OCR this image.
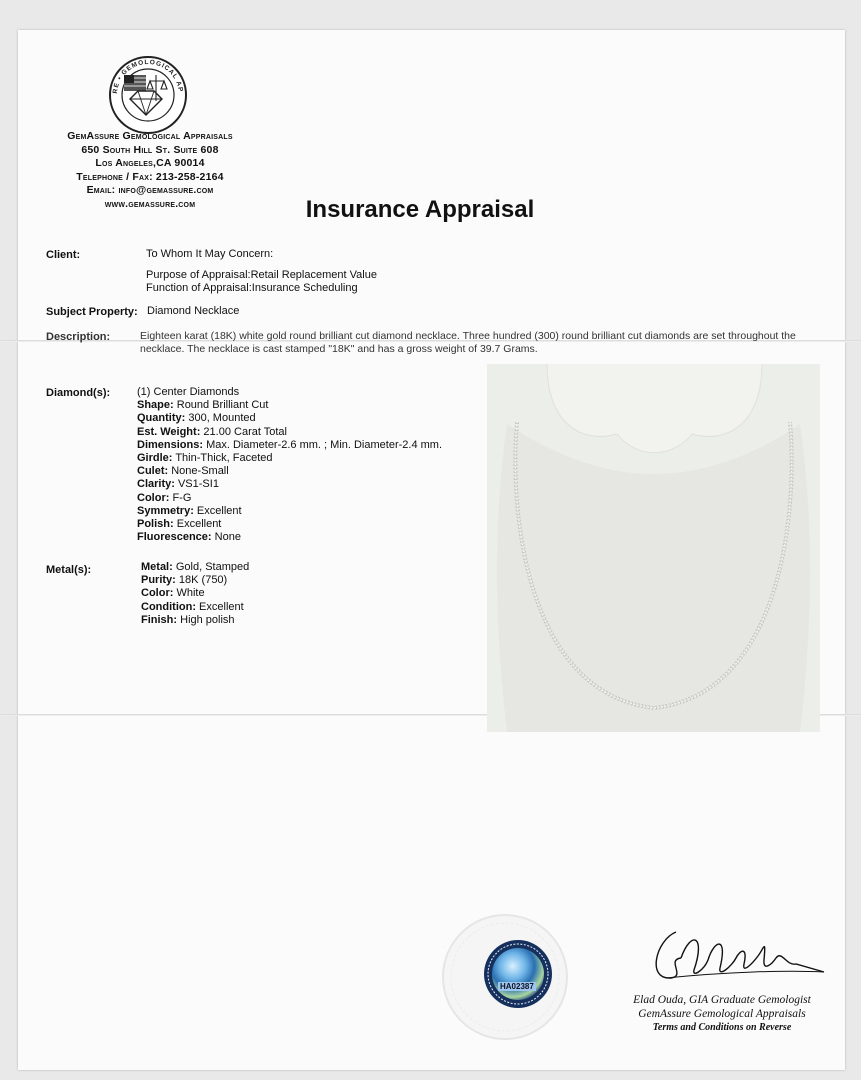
RE • GEMOLOGICAL AP
GemAssure Gemological Appraisals
650 South Hill St. Suite 608
Los Angeles,CA 90014
Telephone / Fax: 213-258-2164
Email: info@gemassure.com
www.gemassure.com	Insurance Appraisal
Client:	To Whom It May Concern:
Purpose of Appraisal:Retail Replacement Value
Function of Appraisal:Insurance Scheduling
Subject Property: Diamond Necklace
Description:	Eighteen karat (18K) white gold round brilliant cut diamond necklace. Three hundred (300) round brilliant cut diamonds are set throughout the necklace. The necklace is cast stamped "18K" and has a gross weight of 39.7 Grams.
Diamond(s): (1) Center Diamonds
Shape: Round Brilliant Cut
Quantity: 300, Mounted
Est. Weight: 21.00 Carat Total
Dimensions: Max. Diameter-2.6 mm. ; Min. Diameter-2.4 mm.
Girdle: Thin-Thick, Faceted
Culet: None-Small
Clarity: VS1-SI1
Color: F-G
Symmetry: Excellent
Polish: Excellent
Fluorescence: None
Metal(s):	Metal: Gold, Stamped
Purity: 18K (750)
Color: White
Condition: Excellent
Finish: High polish
HA02387
Elad Ouda, GIA Graduate Gemologist
GemAssure Gemological Appraisals
Terms and Conditions on Reverse
